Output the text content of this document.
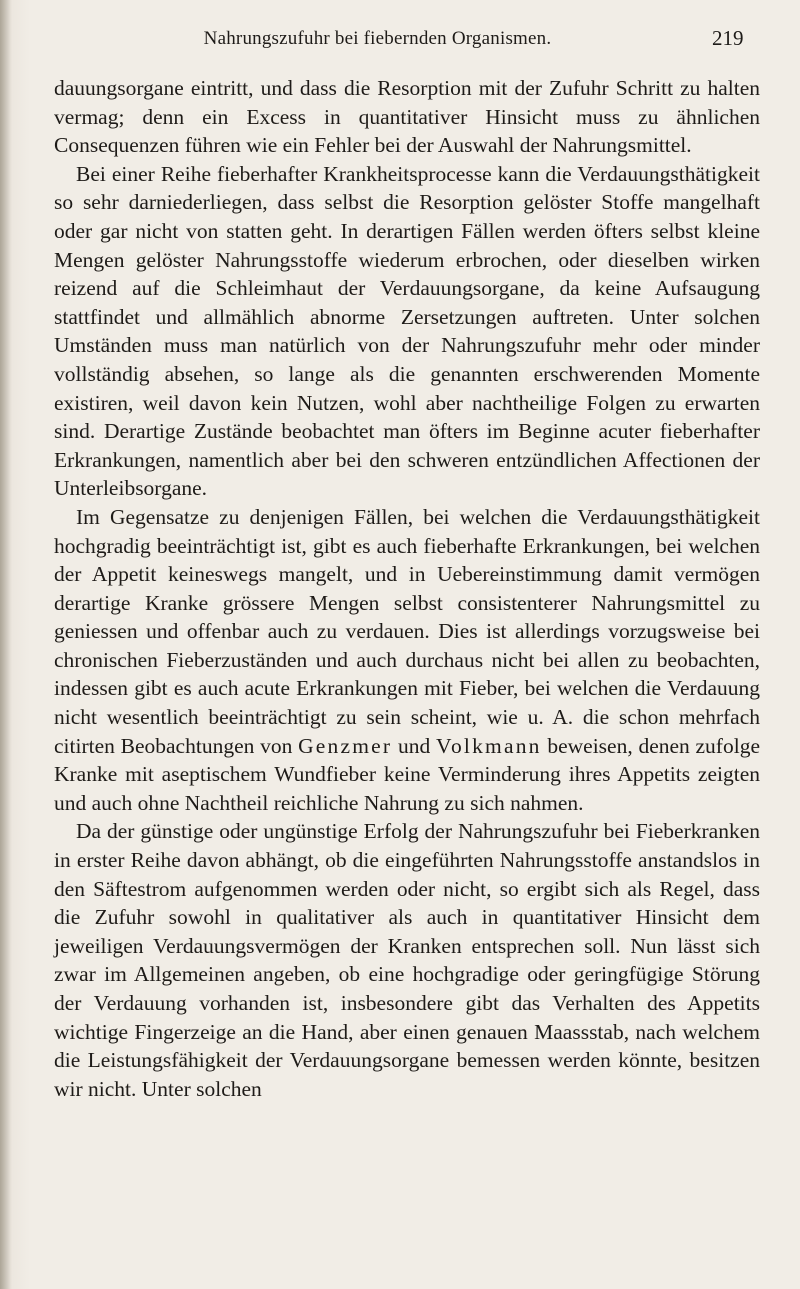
Nahrungszufuhr bei fiebernden Organismen.	219

dauungsorgane eintritt, und dass die Resorption mit der Zufuhr Schritt zu halten vermag; denn ein Excess in quantitativer Hinsicht muss zu ähnlichen Consequenzen führen wie ein Fehler bei der Auswahl der Nahrungsmittel.

Bei einer Reihe fieberhafter Krankheitsprocesse kann die Verdauungsthätigkeit so sehr darniederliegen, dass selbst die Resorption gelöster Stoffe mangelhaft oder gar nicht von statten geht. In derartigen Fällen werden öfters selbst kleine Mengen gelöster Nahrungsstoffe wiederum erbrochen, oder dieselben wirken reizend auf die Schleimhaut der Verdauungsorgane, da keine Aufsaugung stattfindet und allmählich abnorme Zersetzungen auftreten. Unter solchen Umständen muss man natürlich von der Nahrungszufuhr mehr oder minder vollständig absehen, so lange als die genannten erschwerenden Momente existiren, weil davon kein Nutzen, wohl aber nachtheilige Folgen zu erwarten sind. Derartige Zustände beobachtet man öfters im Beginne acuter fieberhafter Erkrankungen, namentlich aber bei den schweren entzündlichen Affectionen der Unterleibsorgane.

Im Gegensatze zu denjenigen Fällen, bei welchen die Verdauungsthätigkeit hochgradig beeinträchtigt ist, gibt es auch fieberhafte Erkrankungen, bei welchen der Appetit keineswegs mangelt, und in Uebereinstimmung damit vermögen derartige Kranke grössere Mengen selbst consistenterer Nahrungsmittel zu geniessen und offenbar auch zu verdauen. Dies ist allerdings vorzugsweise bei chronischen Fieberzuständen und auch durchaus nicht bei allen zu beobachten, indessen gibt es auch acute Erkrankungen mit Fieber, bei welchen die Verdauung nicht wesentlich beeinträchtigt zu sein scheint, wie u. A. die schon mehrfach citirten Beobachtungen von Genzmer und Volkmann beweisen, denen zufolge Kranke mit aseptischem Wundfieber keine Verminderung ihres Appetits zeigten und auch ohne Nachtheil reichliche Nahrung zu sich nahmen.

Da der günstige oder ungünstige Erfolg der Nahrungszufuhr bei Fieberkranken in erster Reihe davon abhängt, ob die eingeführten Nahrungsstoffe anstandslos in den Säftestrom aufgenommen werden oder nicht, so ergibt sich als Regel, dass die Zufuhr sowohl in qualitativer als auch in quantitativer Hinsicht dem jeweiligen Verdauungsvermögen der Kranken entsprechen soll. Nun lässt sich zwar im Allgemeinen angeben, ob eine hochgradige oder geringfügige Störung der Verdauung vorhanden ist, insbesondere gibt das Verhalten des Appetits wichtige Fingerzeige an die Hand, aber einen genauen Maassstab, nach welchem die Leistungsfähigkeit der Verdauungsorgane bemessen werden könnte, besitzen wir nicht. Unter solchen
